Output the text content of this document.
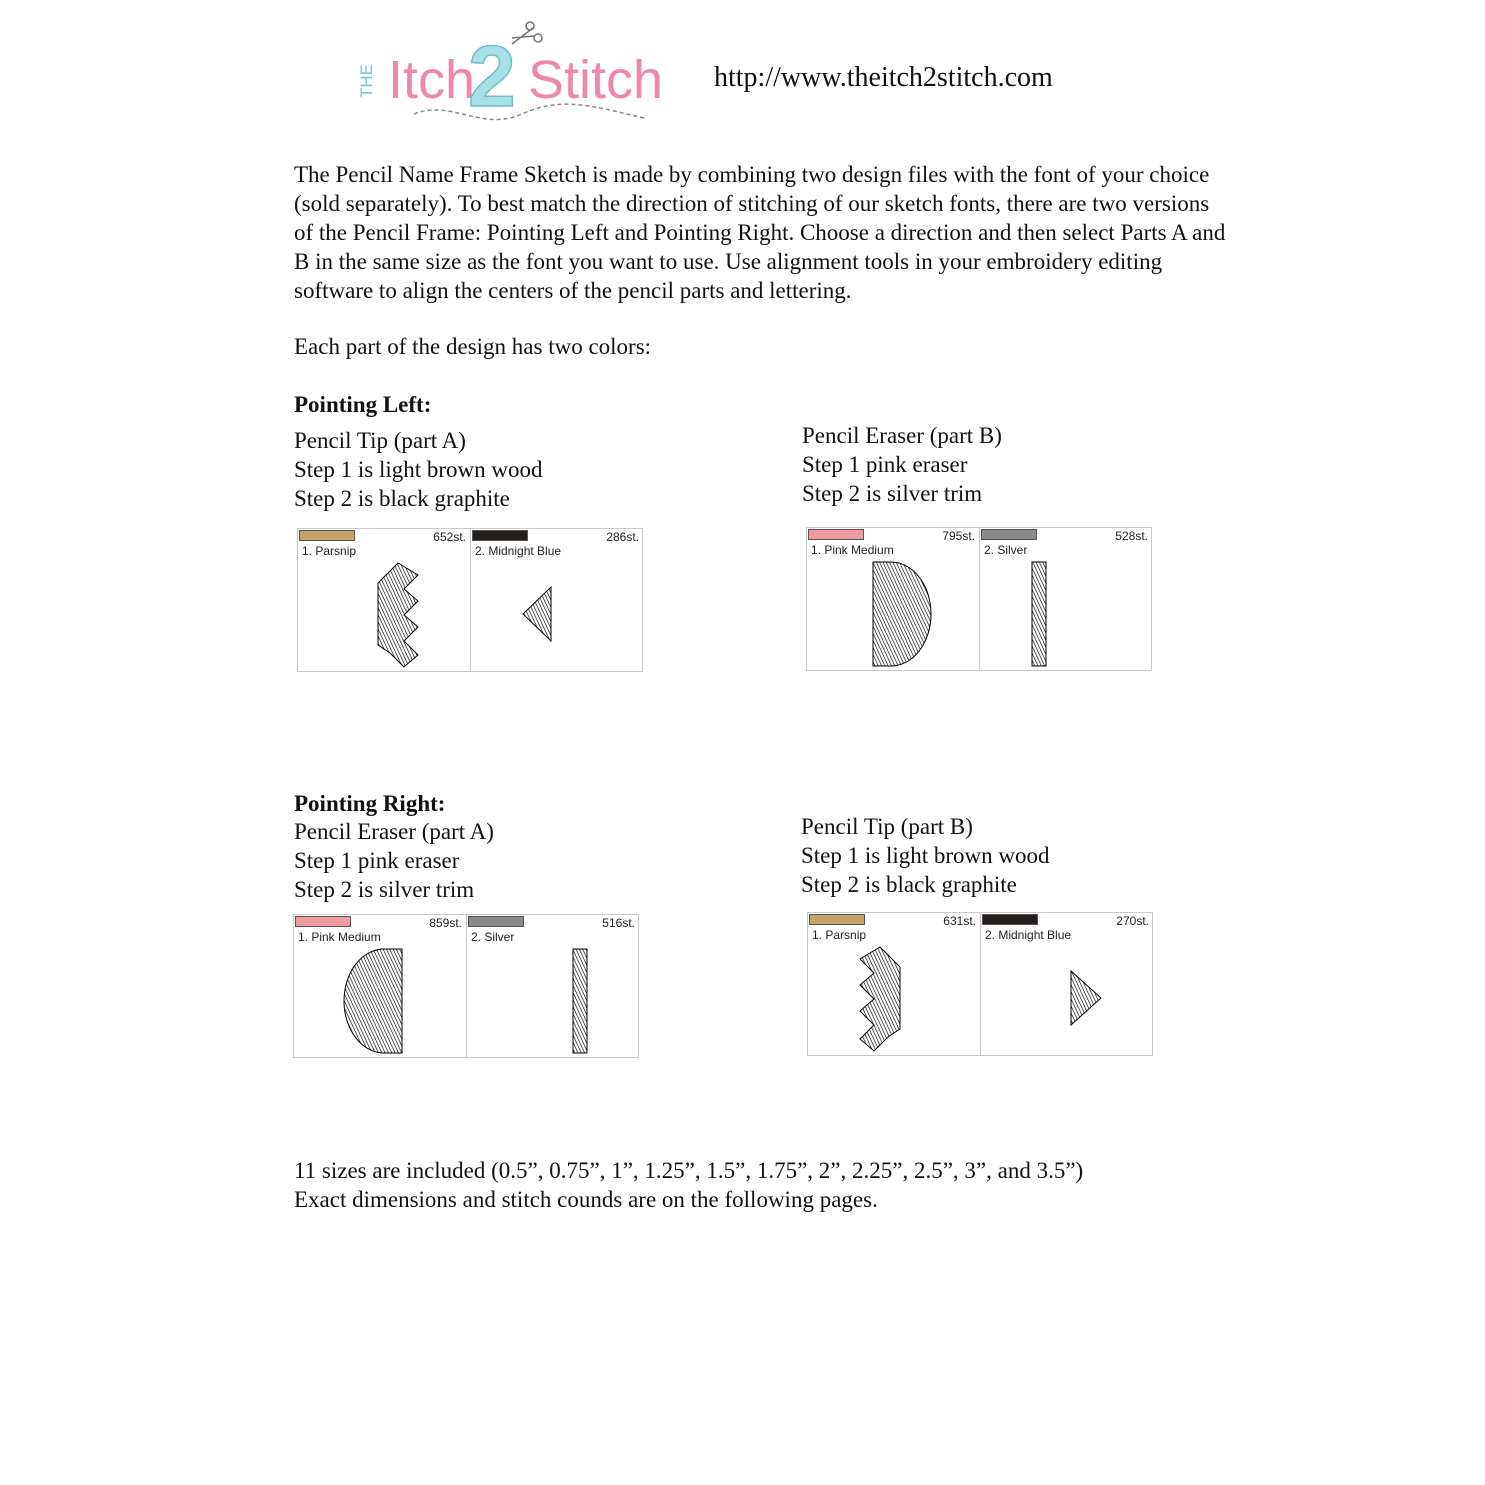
THE Itch
2 Stitch http://www.theitch2stitch.com

The Pencil Name Frame Sketch is made by combining two design files with the font of your choice (sold separately). To best match the direction of stitching of our sketch fonts, there are two versions of the Pencil Frame: Pointing Left and Pointing Right. Choose a direction and then select Parts A and B in the same size as the font you want to use. Use alignment tools in your embroidery editing software to align the centers of the pencil parts and lettering.

Each part of the design has two colors:
Pointing Left:
Pencil Tip (part A)
Step 1 is light brown wood
Step 2 is black graphite
Pencil Eraser (part B)
Step 1 pink eraser
Step 2 is silver trim
652st.
1. Parsnip
286st.
2. Midnight Blue
795st.
1. Pink Medium
528st.
2. Silver
Pointing Right:
Pencil Eraser (part A)
Step 1 pink eraser
Step 2 is silver trim
Pencil Tip (part B)
Step 1 is light brown wood
Step 2 is black graphite
859st.
1. Pink Medium
516st.
2. Silver
631st.
1. Parsnip
270st.
2. Midnight Blue
11 sizes are included (0.5”, 0.75”, 1”, 1.25”, 1.5”, 1.75”, 2”, 2.25”, 2.5”, 3”, and 3.5”)
Exact dimensions and stitch counds are on the following pages.
